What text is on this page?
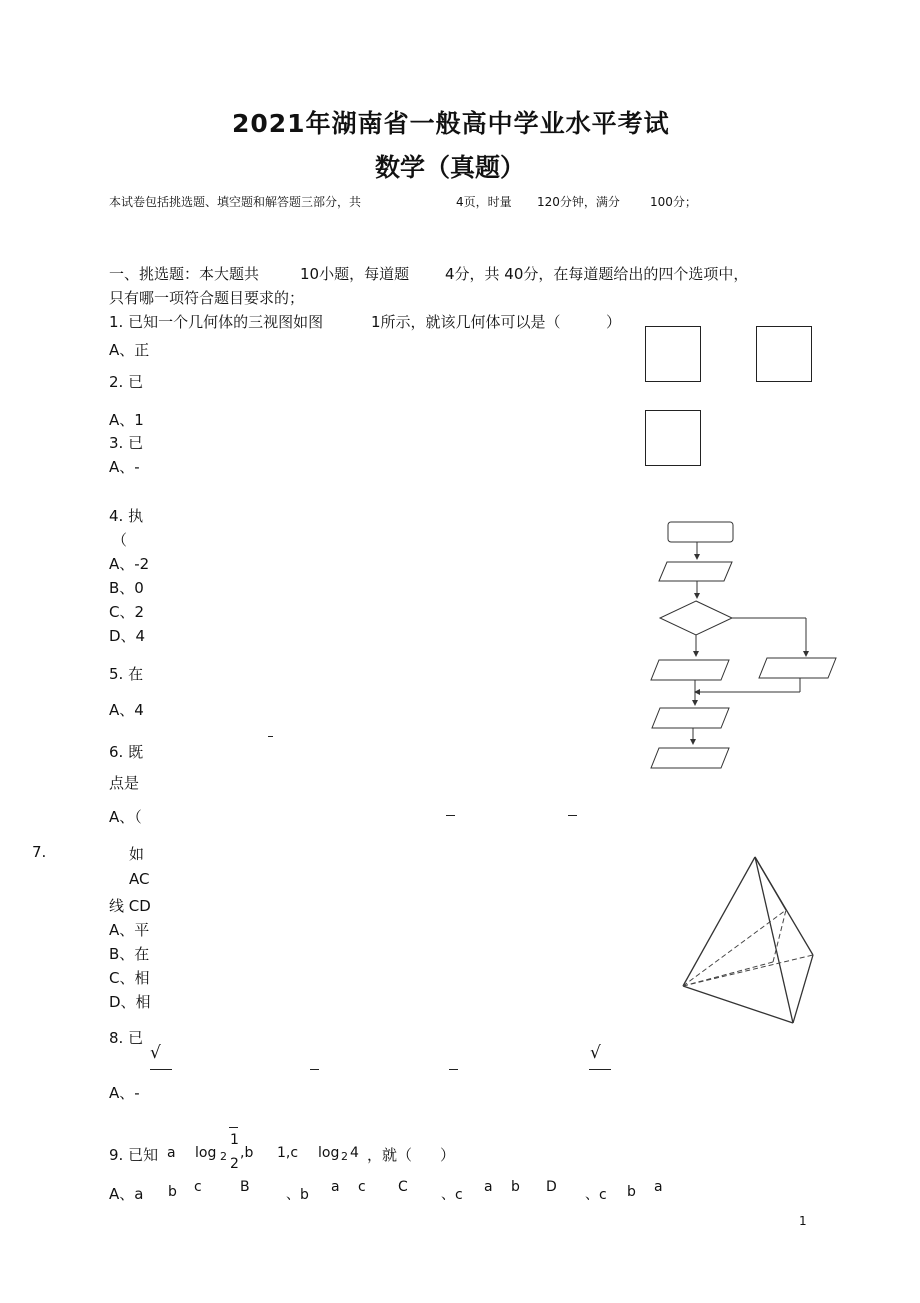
2021年湖南省一般高中学业水平考试
数学（真题）
本试卷包括挑选题、填空题和解答题三部分，共	4页，时量 120分钟，满分	100分；
一、挑选题：本大题共	10小题，每道题 4分，共 40分，在每道题给出的四个选项中，
只有哪一项符合题目要求的；
1. 已知一个几何体的三视图如图	1所示，就该几何体可以是（	）
A、正
2. 已
A、1
3. 已
A、-
4. 执
（
A、-2
B、0
C、2
D、4
5. 在
A、4
6. 既
点是
A、（
7.	如
AC
线 CD
A、平
B、在
C、相
D、相
8. 已
√	√
A、-
9. 已知 a log 2
1
2
,b 1,c log 2 4 ，就（ ）
A、a b c	B	、b a c C 、c a b D 、c b a
1
